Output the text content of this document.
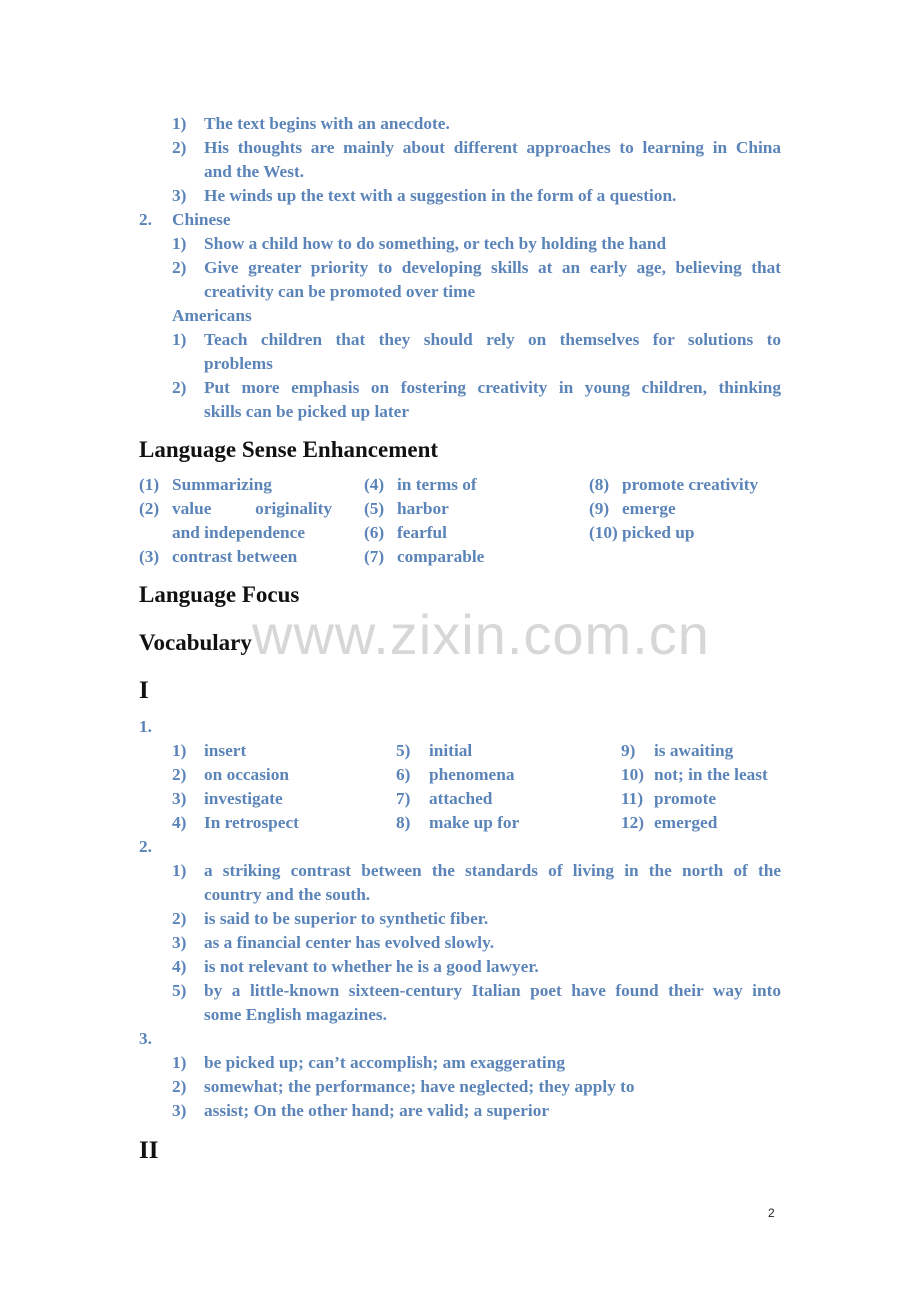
1) The text begins with an anecdote.
2) His thoughts are mainly about different approaches to learning in China
and the West.
3) He winds up the text with a suggestion in the form of a question.
2. Chinese
1) Show a child how to do something, or tech by holding the hand
2) Give greater priority to developing skills at an early age, believing that
creativity can be promoted over time
Americans
1) Teach children that they should rely on themselves for solutions to
problems
2) Put more emphasis on fostering creativity in young children, thinking
skills can be picked up later
Language Sense Enhancement
(1) Summarizing
(2) value originality
and independence
(3) contrast between
(4) in terms of
(5) harbor
(6) fearful
(7) comparable
(8) promote creativity
(9) emerge
(10) picked up
Language Focus
www.zixin.com.cn
Vocabulary
I
1.
1) insert
2) on occasion
3) investigate
4) In retrospect
5) initial
6) phenomena
7) attached
8) make up for
9) is awaiting
10) not; in the least
11) promote
12) emerged
2.
1) a striking contrast between the standards of living in the north of the
country and the south.
2) is said to be superior to synthetic fiber.
3) as a financial center has evolved slowly.
4) is not relevant to whether he is a good lawyer.
5) by a little-known sixteen-century Italian poet have found their way into
some English magazines.
3.
1) be picked up; can’t accomplish; am exaggerating
2) somewhat; the performance; have neglected; they apply to
3) assist; On the other hand; are valid; a superior
II
2
